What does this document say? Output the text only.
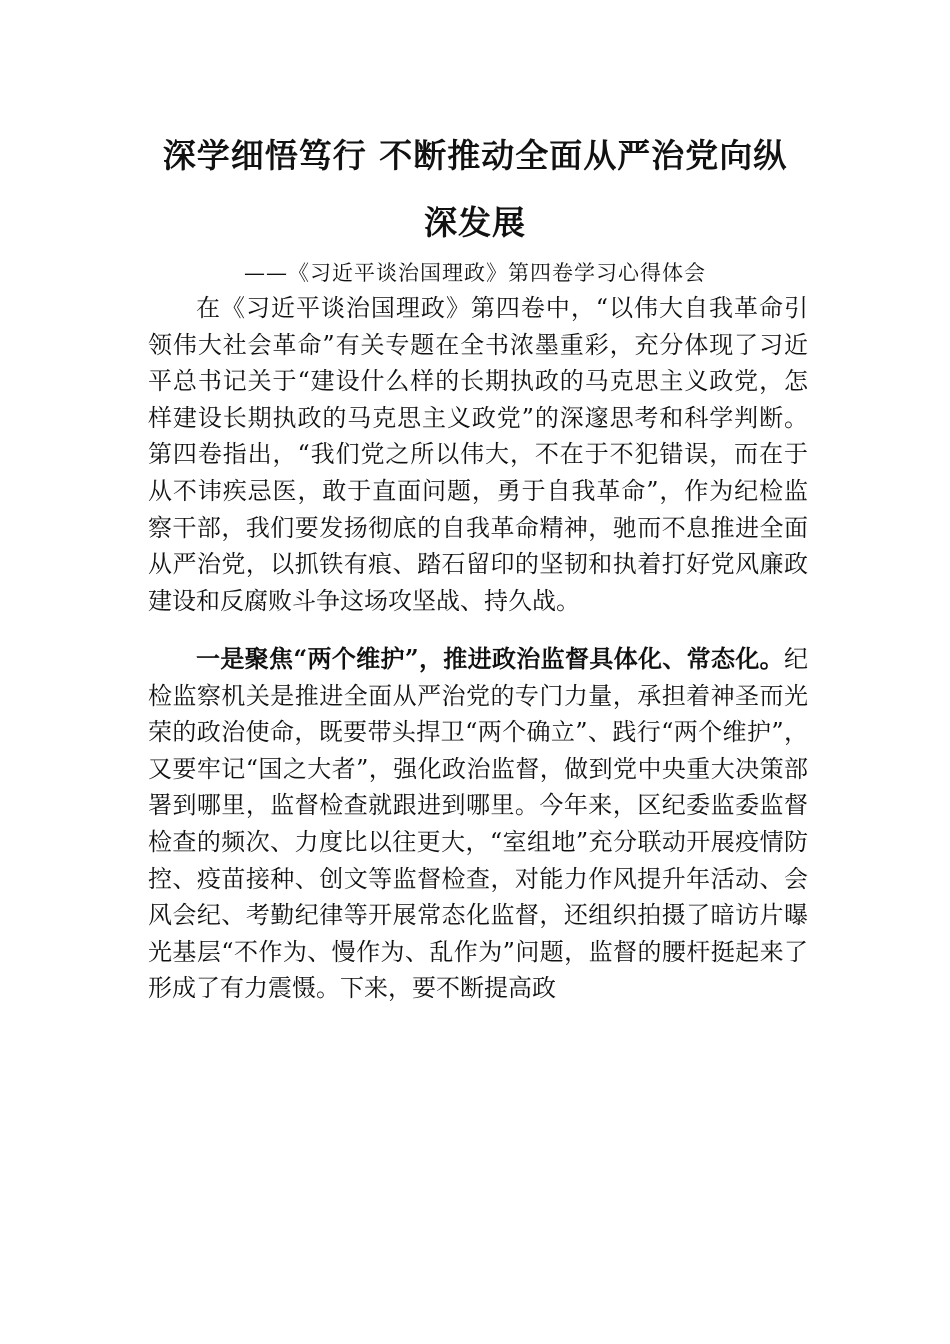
深学细悟笃行 不断推动全面从严治党向纵
深发展
——《习近平谈治国理政》第四卷学习心得体会

在《习近平谈治国理政》第四卷中，“以伟大自我革命引领伟大社会革命”有关专题在全书浓墨重彩，充分体现了习近平总书记关于“建设什么样的长期执政的马克思主义政党，怎样建设长期执政的马克思主义政党”的深邃思考和科学判断。第四卷指出，“我们党之所以伟大，不在于不犯错误，而在于从不讳疾忌医，敢于直面问题，勇于自我革命”，作为纪检监察干部，我们要发扬彻底的自我革命精神，驰而不息推进全面从严治党，以抓铁有痕、踏石留印的坚韧和执着打好党风廉政建设和反腐败斗争这场攻坚战、持久战。

一是聚焦“两个维护”，推进政治监督具体化、常态化。纪检监察机关是推进全面从严治党的专门力量，承担着神圣而光荣的政治使命，既要带头捍卫“两个确立”、践行“两个维护”，又要牢记“国之大者”，强化政治监督，做到党中央重大决策部署到哪里，监督检查就跟进到哪里。今年来，区纪委监委监督检查的频次、力度比以往更大，“室组地”充分联动开展疫情防控、疫苗接种、创文等监督检查，对能力作风提升年活动、会风会纪、考勤纪律等开展常态化监督，还组织拍摄了暗访片曝光基层“不作为、慢作为、乱作为”问题，监督的腰杆挺起来了形成了有力震慑。下来，要不断提高政
